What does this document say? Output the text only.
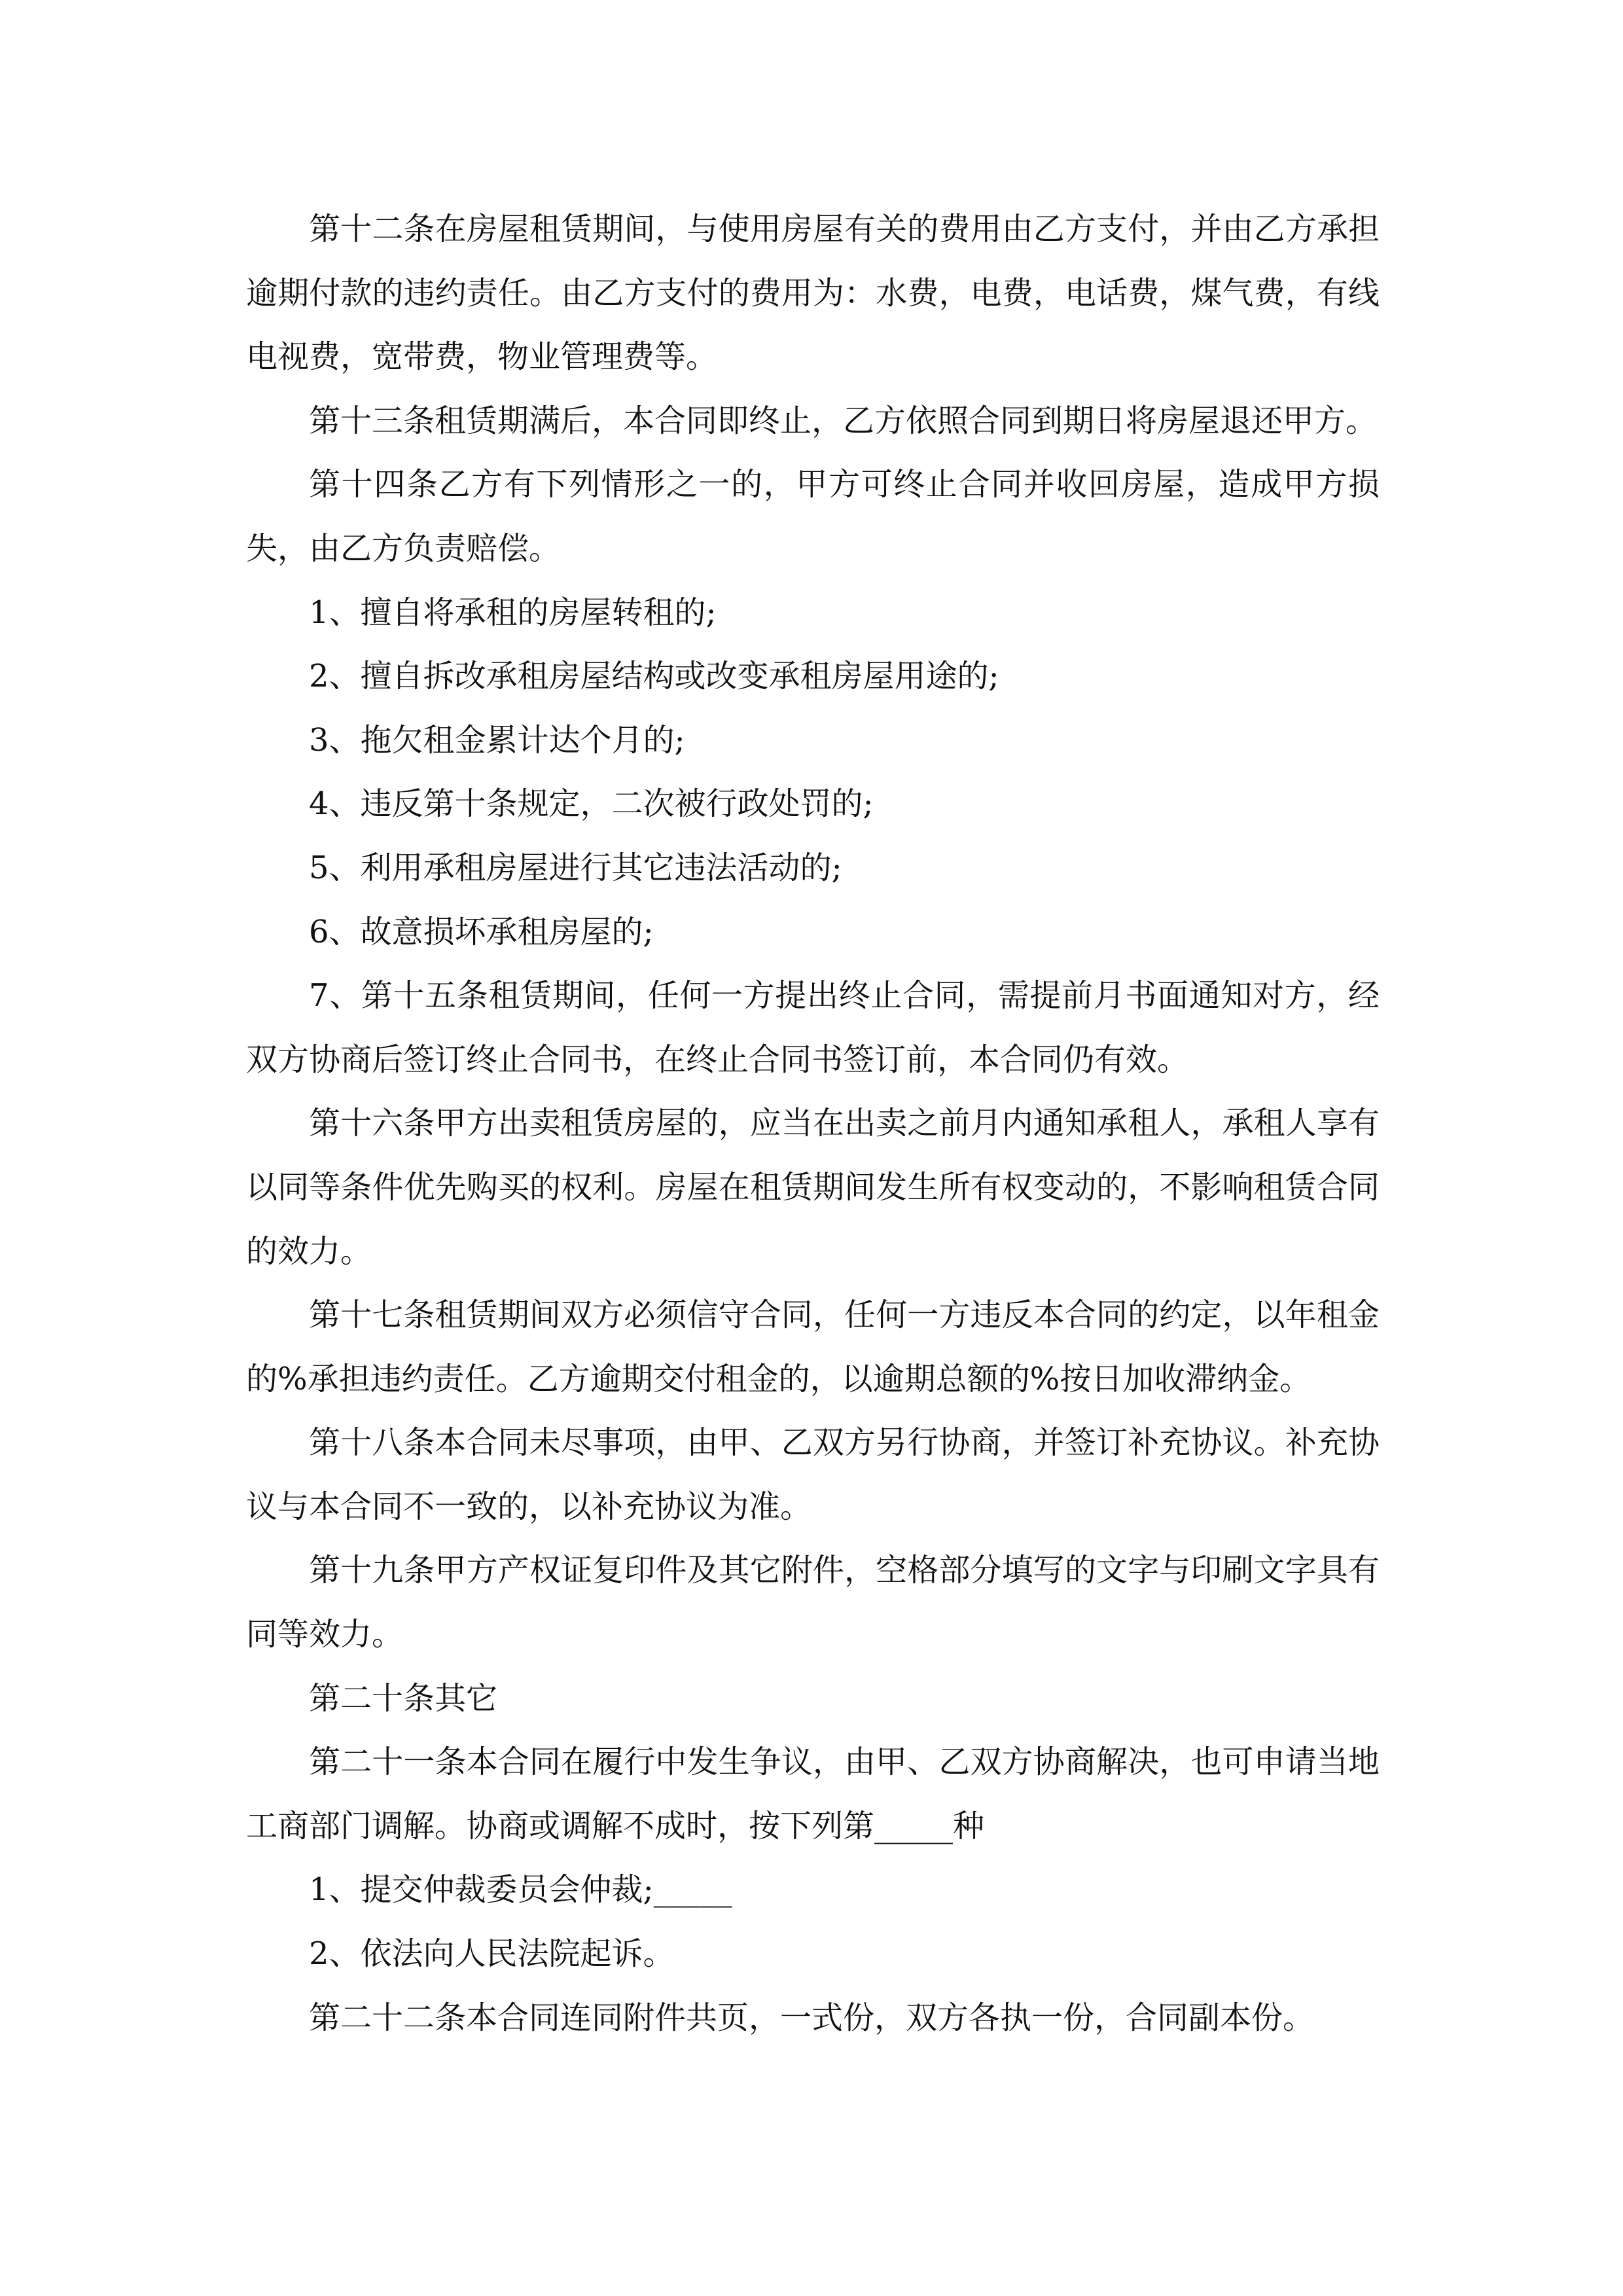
第十二条在房屋租赁期间，与使用房屋有关的费用由乙方支付，并由乙方承担逾期付款的违约责任。由乙方支付的费用为：水费，电费，电话费，煤气费，有线电视费，宽带费，物业管理费等。

第十三条租赁期满后，本合同即终止，乙方依照合同到期日将房屋退还甲方。

第十四条乙方有下列情形之一的，甲方可终止合同并收回房屋，造成甲方损失，由乙方负责赔偿。

1、擅自将承租的房屋转租的;

2、擅自拆改承租房屋结构或改变承租房屋用途的;

3、拖欠租金累计达个月的;

4、违反第十条规定，二次被行政处罚的;

5、利用承租房屋进行其它违法活动的;

6、故意损坏承租房屋的;

7、第十五条租赁期间，任何一方提出终止合同，需提前月书面通知对方，经双方协商后签订终止合同书，在终止合同书签订前，本合同仍有效。

第十六条甲方出卖租赁房屋的，应当在出卖之前月内通知承租人，承租人享有以同等条件优先购买的权利。房屋在租赁期间发生所有权变动的，不影响租赁合同的效力。

第十七条租赁期间双方必须信守合同，任何一方违反本合同的约定，以年租金的%承担违约责任。乙方逾期交付租金的，以逾期总额的%按日加收滞纳金。

第十八条本合同未尽事项，由甲、乙双方另行协商，并签订补充协议。补充协议与本合同不一致的，以补充协议为准。

第十九条甲方产权证复印件及其它附件，空格部分填写的文字与印刷文字具有同等效力。

第二十条其它

第二十一条本合同在履行中发生争议，由甲、乙双方协商解决，也可申请当地工商部门调解。协商或调解不成时，按下列第_____种

1、提交仲裁委员会仲裁;_____

2、依法向人民法院起诉。

第二十二条本合同连同附件共页，一式份，双方各执一份，合同副本份。
